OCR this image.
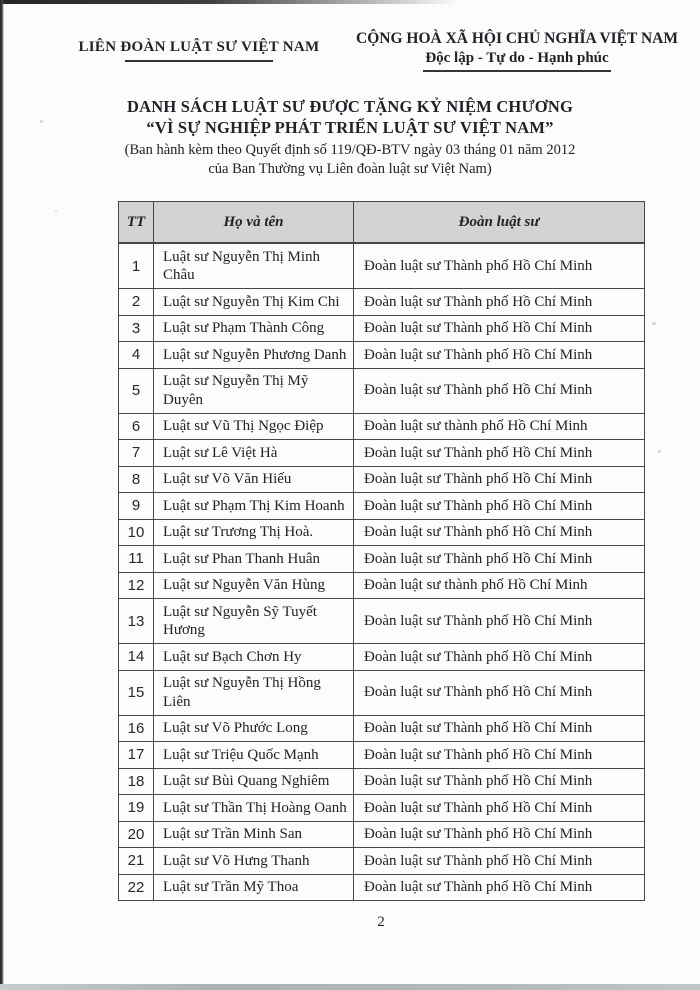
LIÊN ĐOÀN LUẬT SƯ VIỆT NAM	CỘNG HOÀ XÃ HỘI CHỦ NGHĨA VIỆT NAM
Độc lập - Tự do - Hạnh phúc
DANH SÁCH LUẬT SƯ ĐƯỢC TẶNG KỶ NIỆM CHƯƠNG
“VÌ SỰ NGHIỆP PHÁT TRIỂN LUẬT SƯ VIỆT NAM”
(Ban hành kèm theo Quyết định số 119/QĐ-BTV ngày 03 tháng 01 năm 2012
của Ban Thường vụ Liên đoàn luật sư Việt Nam)
TT	Họ và tên	Đoàn luật sư
1	Luật sư Nguyễn Thị Minh Châu	Đoàn luật sư Thành phố Hồ Chí Minh
2	Luật sư Nguyễn Thị Kim Chi	Đoàn luật sư Thành phố Hồ Chí Minh
3	Luật sư Phạm Thành Công	Đoàn luật sư Thành phố Hồ Chí Minh
4	Luật sư Nguyễn Phương Danh	Đoàn luật sư Thành phố Hồ Chí Minh
5	Luật sư Nguyễn Thị Mỹ Duyên	Đoàn luật sư Thành phố Hồ Chí Minh
6	Luật sư Vũ Thị Ngọc Điệp	Đoàn luật sư thành phố Hồ Chí Minh
7	Luật sư Lê Việt Hà	Đoàn luật sư Thành phố Hồ Chí Minh
8	Luật sư Võ Văn Hiếu	Đoàn luật sư Thành phố Hồ Chí Minh
9	Luật sư Phạm Thị Kim Hoanh	Đoàn luật sư Thành phố Hồ Chí Minh
10	Luật sư Trương Thị Hoà.	Đoàn luật sư Thành phố Hồ Chí Minh
11	Luật sư Phan Thanh Huân	Đoàn luật sư Thành phố Hồ Chí Minh
12	Luật sư Nguyễn Văn Hùng	Đoàn luật sư thành phố Hồ Chí Minh
13	Luật sư Nguyễn Sỹ Tuyết Hương	Đoàn luật sư Thành phố Hồ Chí Minh
14	Luật sư Bạch Chơn Hy	Đoàn luật sư Thành phố Hồ Chí Minh
15	Luật sư Nguyễn Thị Hồng Liên	Đoàn luật sư Thành phố Hồ Chí Minh
16	Luật sư Võ Phước Long	Đoàn luật sư Thành phố Hồ Chí Minh
17	Luật sư Triệu Quốc Mạnh	Đoàn luật sư Thành phố Hồ Chí Minh
18	Luật sư Bùi Quang Nghiêm	Đoàn luật sư Thành phố Hồ Chí Minh
19	Luật sư Thần Thị Hoàng Oanh	Đoàn luật sư Thành phố Hồ Chí Minh
20	Luật sư Trần Minh San	Đoàn luật sư Thành phố Hồ Chí Minh
21	Luật sư Võ Hưng Thanh	Đoàn luật sư Thành phố Hồ Chí Minh
22	Luật sư Trần Mỹ Thoa	Đoàn luật sư Thành phố Hồ Chí Minh
2
